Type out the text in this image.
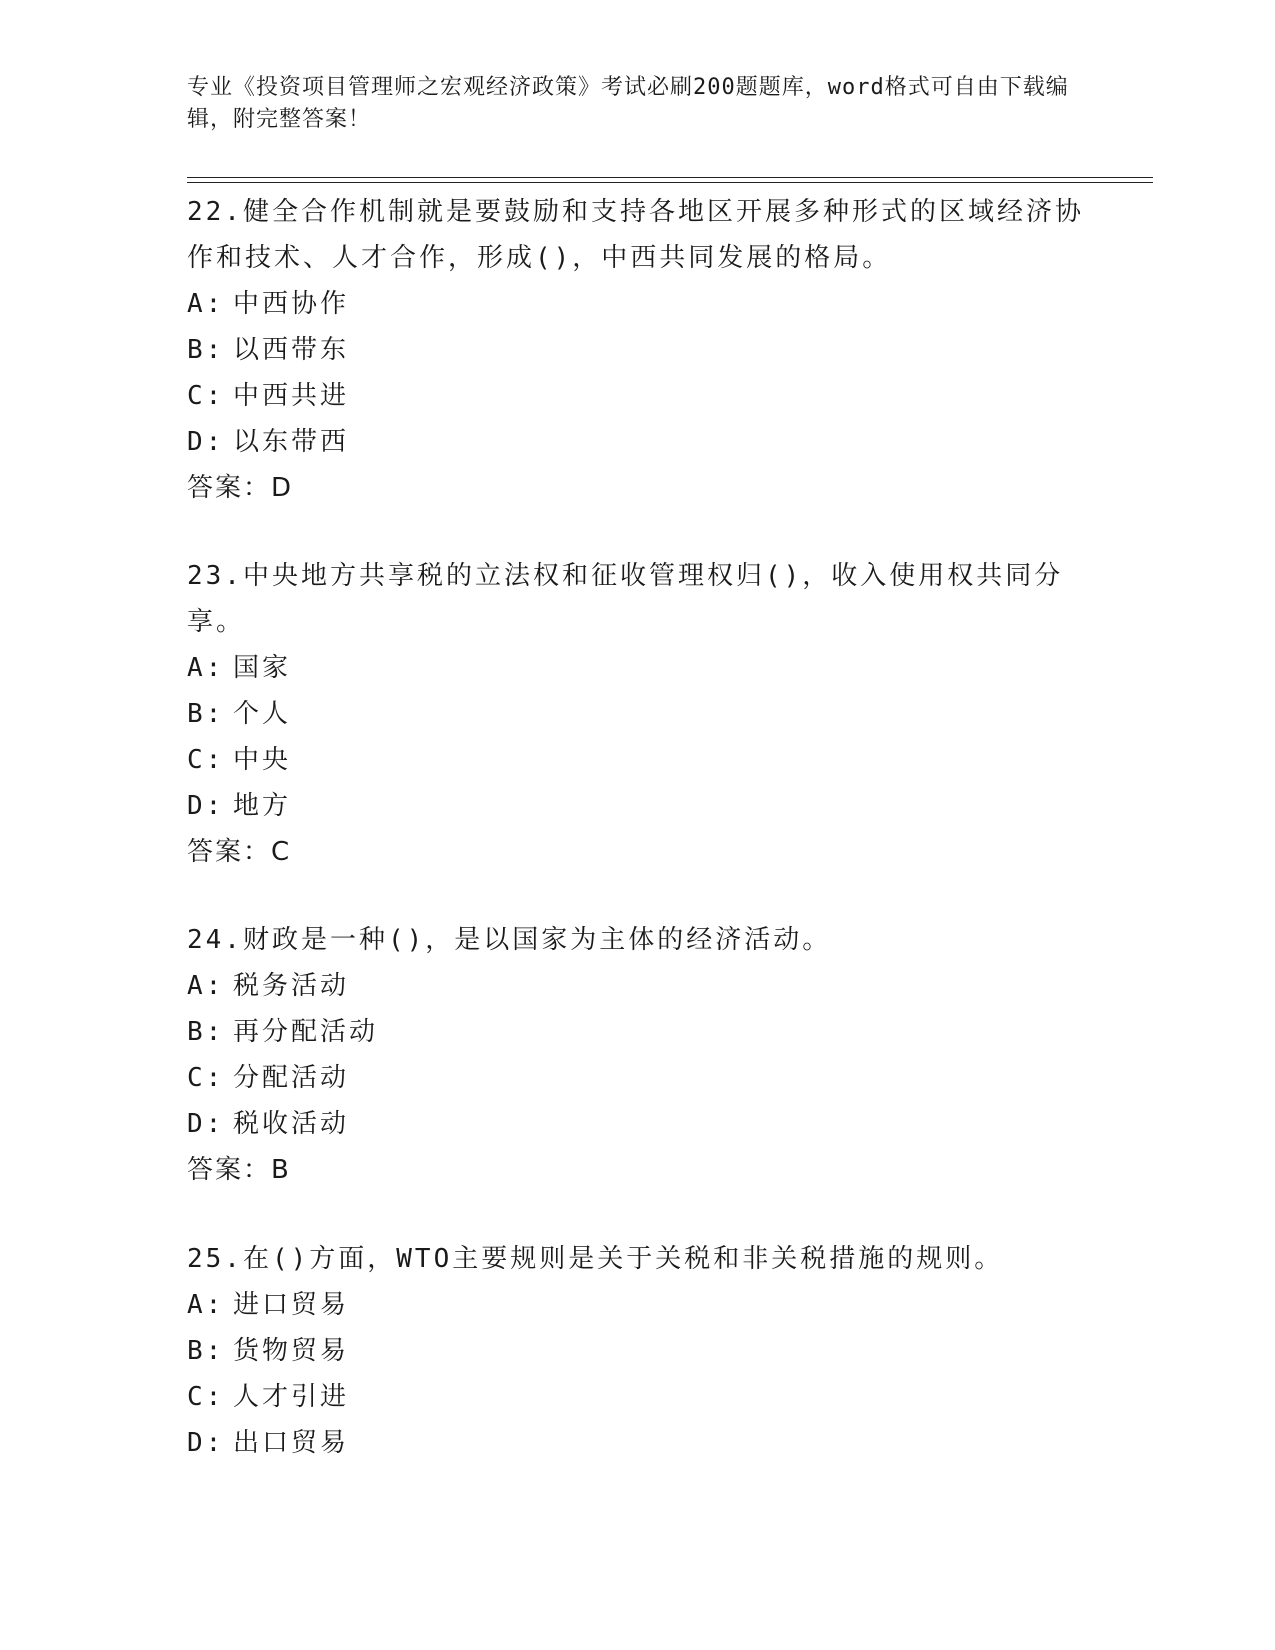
专业《投资项目管理师之宏观经济政策》考试必刷200题题库，word格式可自由下载编辑，附完整答案！

22.健全合作机制就是要鼓励和支持各地区开展多种形式的区域经济协作和技术、人才合作，形成()，中西共同发展的格局。

A: 中西协作

B: 以西带东

C: 中西共进

D: 以东带西

答案：D

23.中央地方共享税的立法权和征收管理权归()，收入使用权共同分享。

A: 国家

B: 个人

C: 中央

D: 地方

答案：C

24.财政是一种()，是以国家为主体的经济活动。

A: 税务活动

B: 再分配活动

C: 分配活动

D: 税收活动

答案：B

25.在()方面，WTO主要规则是关于关税和非关税措施的规则。

A: 进口贸易

B: 货物贸易

C: 人才引进

D: 出口贸易
